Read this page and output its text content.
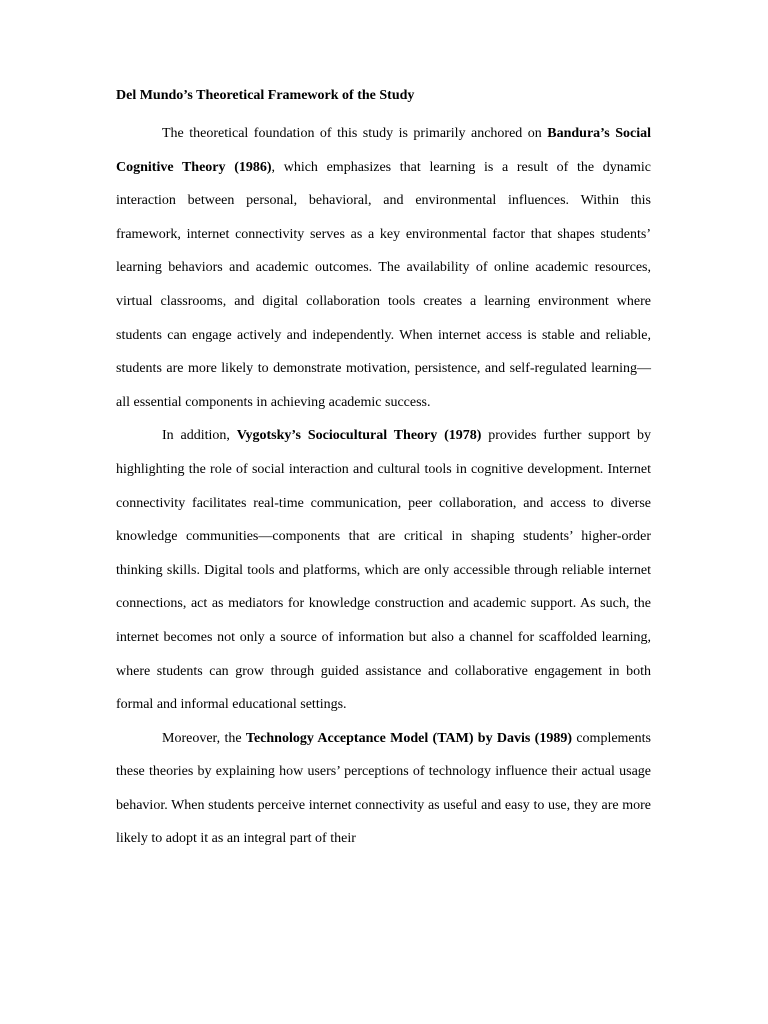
Del Mundo’s Theoretical Framework of the Study

The theoretical foundation of this study is primarily anchored on Bandura’s Social Cognitive Theory (1986), which emphasizes that learning is a result of the dynamic interaction between personal, behavioral, and environmental influences. Within this framework, internet connectivity serves as a key environmental factor that shapes students’ learning behaviors and academic outcomes. The availability of online academic resources, virtual classrooms, and digital collaboration tools creates a learning environment where students can engage actively and independently. When internet access is stable and reliable, students are more likely to demonstrate motivation, persistence, and self-regulated learning—all essential components in achieving academic success.

In addition, Vygotsky’s Sociocultural Theory (1978) provides further support by highlighting the role of social interaction and cultural tools in cognitive development. Internet connectivity facilitates real-time communication, peer collaboration, and access to diverse knowledge communities—components that are critical in shaping students’ higher-order thinking skills. Digital tools and platforms, which are only accessible through reliable internet connections, act as mediators for knowledge construction and academic support. As such, the internet becomes not only a source of information but also a channel for scaffolded learning, where students can grow through guided assistance and collaborative engagement in both formal and informal educational settings.

Moreover, the Technology Acceptance Model (TAM) by Davis (1989) complements these theories by explaining how users’ perceptions of technology influence their actual usage behavior. When students perceive internet connectivity as useful and easy to use, they are more likely to adopt it as an integral part of their
